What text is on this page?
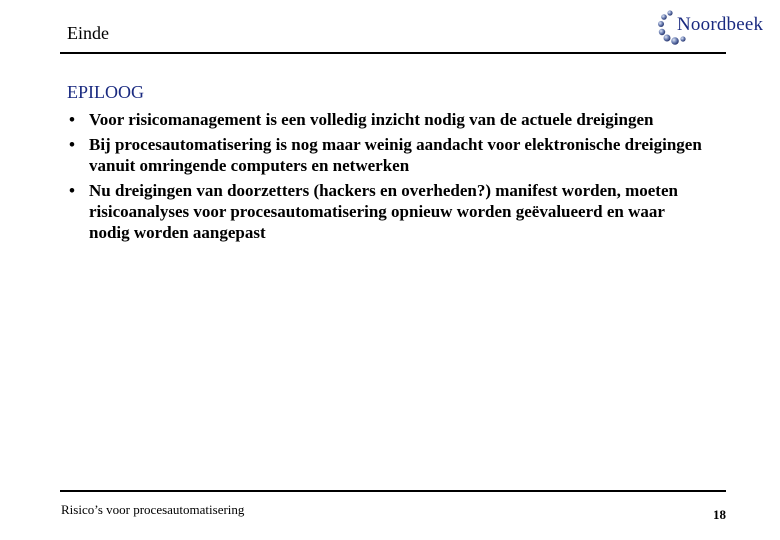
Einde	Noordbeek
EPILOOG
• Voor risicomanagement is een volledig inzicht nodig van de actuele dreigingen
• Bij procesautomatisering is nog maar weinig aandacht voor elektronische dreigingen vanuit omringende computers en netwerken
• Nu dreigingen van doorzetters (hackers en overheden?) manifest worden, moeten risicoanalyses voor procesautomatisering opnieuw worden geëvalueerd en waar nodig worden aangepast
Risico’s voor procesautomatisering	18
